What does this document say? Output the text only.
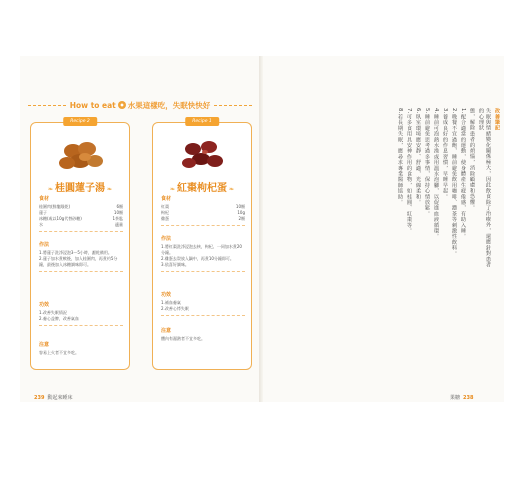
How to eat 水果這樣吃，失眠快快好
Recipe 2
❧ 桂圓蓮子湯 ❧
食材
桂圓肉(鮮龍眼乾)	6顆
蓮子	10顆
冰糖(或以10g代替砂糖)	1茶匙
水	適量
作法
1.將蓮子洗淨浸泡3～5小時，瀝乾備用。
2.蓮子加水煮軟後，加入桂圓肉，再煮約5分鐘，最後加入冰糖調味即可。
功效
1.改善失眠情況
2.養心益脾，改善氣血
注意
容易上火者不宜多吃。
Recipe 1
❧ 紅棗枸杞蛋 ❧
食材
紅棗	10顆
枸杞	10g
雞蛋	2顆
作法
1.將紅棗洗淨浸泡去核，枸杞、一同加水煮20分鐘。
2.雞蛋去殼放入鍋中，再煮10分鐘即可。
3.依喜好調味。
功效
1.補血養氣
2.改善心悸失眠
注意
體內有濕熱者不宜多吃。
改善筆記
失眠與情緒變化關係極大，因此飲食除了治療外，還應針對患者的心理狀
態，解除患者的煩惱，消除顧慮和恐懼。
1.配合適當的運動，使身體產生疲倦感，有助入睡。
2.晚餐不宜過飽，睡前避免飲用咖啡、濃茶等刺激性飲料。
3.養成良好的作息習慣，早睡早起。
4.睡前可泡熱水澡或用溫水泡腳，以促進血液循環。
5.睡前避免思考過多事情，保持心情放鬆。
6.臥室環境應安靜、舒適，光線柔和。
7.可多食用具安神作用的食物，如桂圓、紅棗等。
8.若長期失眠，應尋求專業醫師協助。
239 動起來睡床	果糖 238
